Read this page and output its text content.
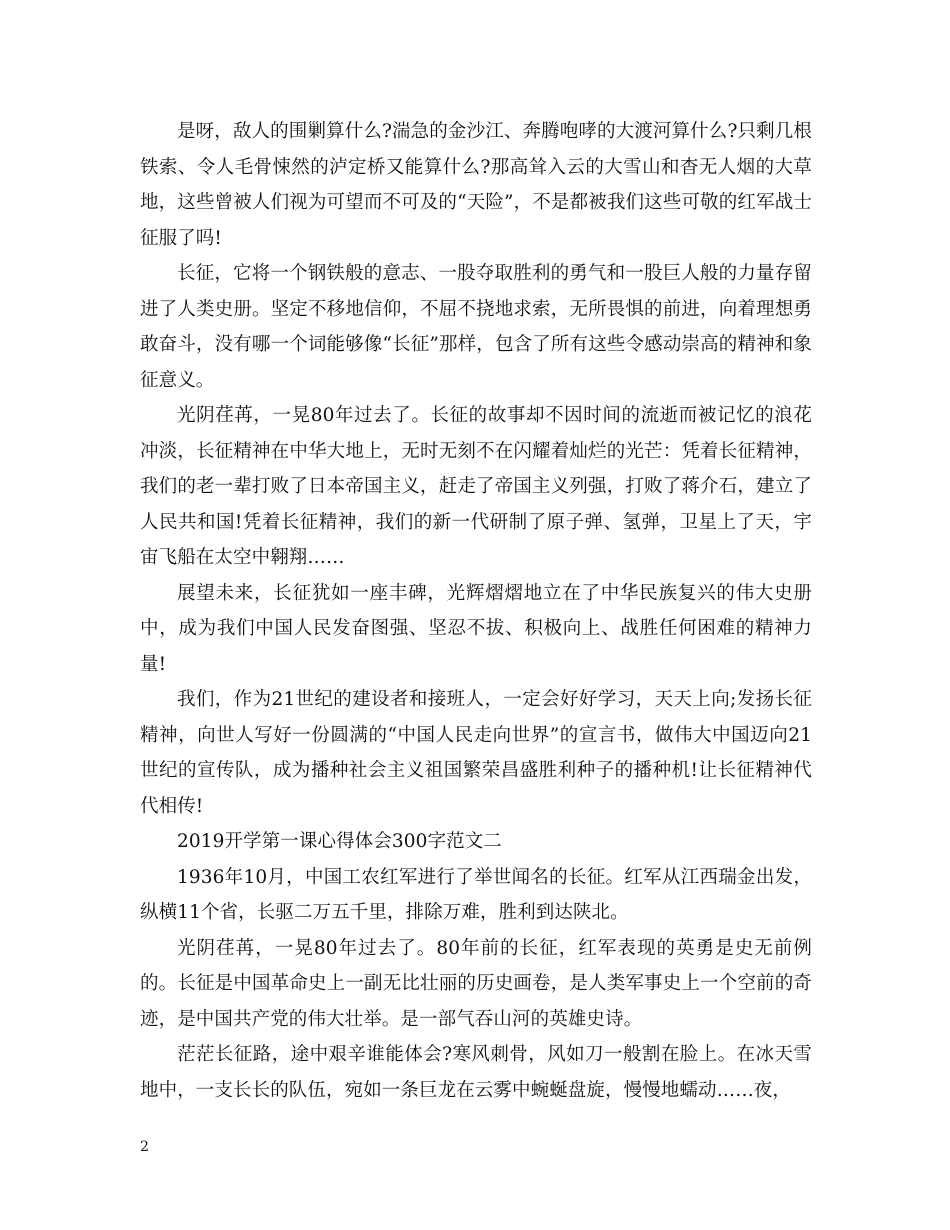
是呀，敌人的围剿算什么?湍急的金沙江、奔腾咆哮的大渡河算什么?只剩几根铁索、令人毛骨悚然的泸定桥又能算什么?那高耸入云的大雪山和杳无人烟的大草地，这些曾被人们视为可望而不可及的“天险”，不是都被我们这些可敬的红军战士征服了吗!

长征，它将一个钢铁般的意志、一股夺取胜利的勇气和一股巨人般的力量存留进了人类史册。坚定不移地信仰，不屈不挠地求索，无所畏惧的前进，向着理想勇敢奋斗，没有哪一个词能够像“长征”那样，包含了所有这些令感动崇高的精神和象征意义。

光阴荏苒，一晃80年过去了。长征的故事却不因时间的流逝而被记忆的浪花冲淡，长征精神在中华大地上，无时无刻不在闪耀着灿烂的光芒：凭着长征精神，我们的老一辈打败了日本帝国主义，赶走了帝国主义列强，打败了蒋介石，建立了人民共和国!凭着长征精神，我们的新一代研制了原子弹、氢弹，卫星上了天，宇宙飞船在太空中翱翔……

展望未来，长征犹如一座丰碑，光辉熠熠地立在了中华民族复兴的伟大史册中，成为我们中国人民发奋图强、坚忍不拔、积极向上、战胜任何困难的精神力量!

我们，作为21世纪的建设者和接班人，一定会好好学习，天天上向;发扬长征精神，向世人写好一份圆满的“中国人民走向世界”的宣言书，做伟大中国迈向21世纪的宣传队，成为播种社会主义祖国繁荣昌盛胜利种子的播种机!让长征精神代代相传!

2019开学第一课心得体会300字范文二

1936年10月，中国工农红军进行了举世闻名的长征。红军从江西瑞金出发，纵横11个省，长驱二万五千里，排除万难，胜利到达陕北。

光阴荏苒，一晃80年过去了。80年前的长征，红军表现的英勇是史无前例的。长征是中国革命史上一副无比壮丽的历史画卷，是人类军事史上一个空前的奇迹，是中国共产党的伟大壮举。是一部气吞山河的英雄史诗。

茫茫长征路，途中艰辛谁能体会?寒风刺骨，风如刀一般割在脸上。在冰天雪地中，一支长长的队伍，宛如一条巨龙在云雾中蜿蜒盘旋，慢慢地蠕动……夜，

2
